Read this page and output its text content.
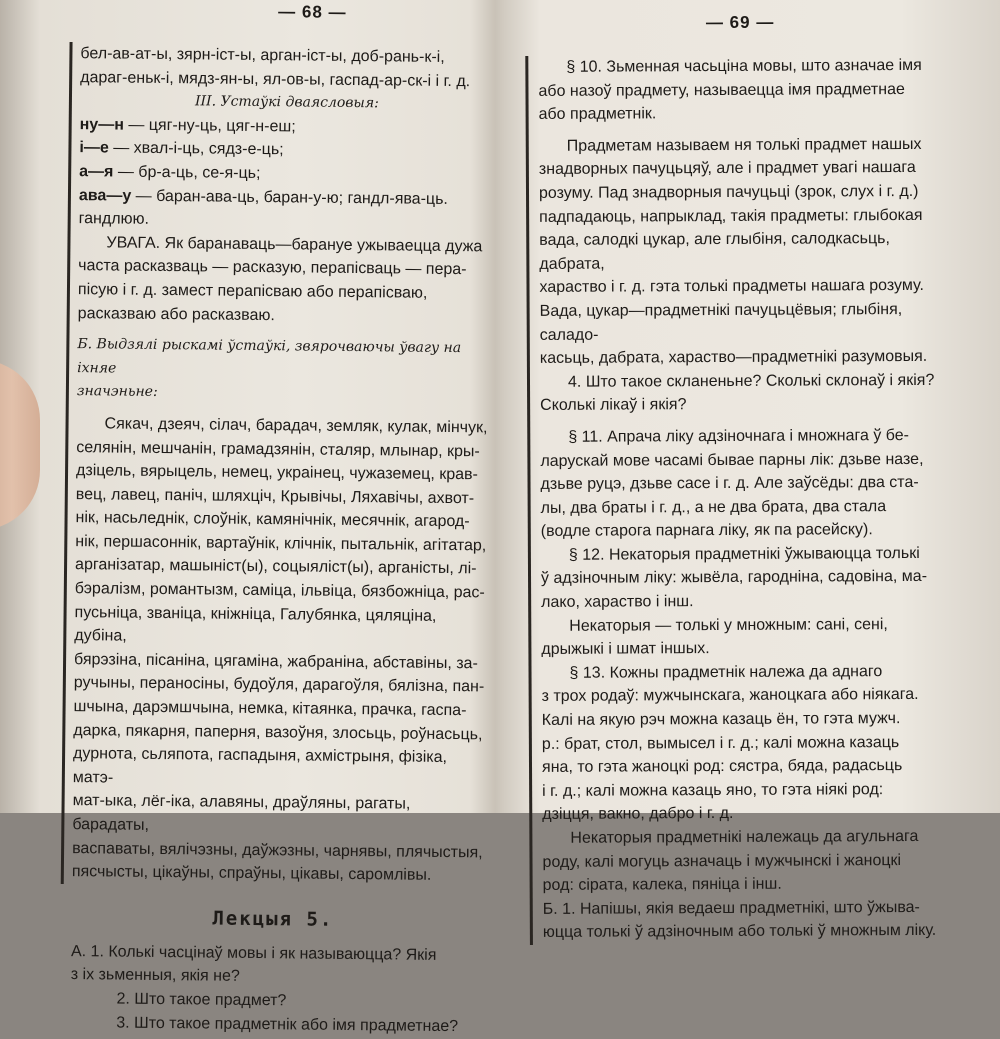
— 68 —

бел-ав-ат-ы, зярн-іст-ы, арган-іст-ы, доб-рань-к-і,

дараг-еньк-і, мядз-ян-ы, ял-ов-ы, гаспад-ар-ск-і і г. д.

III. Устаўкі дваясловыя:

ну—н — цяг-ну-ць, цяг-н-еш;

і—е — хвал-і-ць, сядз-е-ць;

а—я — бр-а-ць, се-я-ць;

ава—у — баран-ава-ць, баран-у-ю; гандл-ява-ць.

гандлюю.

УВАГА. Як баранаваць—барануе ужываецца дужа

часта расказваць — расказую, перапісваць — пера-

пісую і г. д. замест перапісваю або перапісваю,

расказваю або расказваю.

Б. Выдзялі рыскамі ўстаўкі, звярочваючы ўвагу на іхняе

значэньне:

Сякач, дзеяч, сілач, барадач, земляк, кулак, мінчук,

селянін, мешчанін, грамадзянін, сталяр, млынар, кры-

дзіцель, вярыцель, немец, украінец, чужаземец, крав-

вец, лавец, паніч, шляхціч, Крывічы, Ляхавічы, ахвот-

нік, насьледнік, слоўнік, камянічнік, месячнік, агарод-

нік, першасоннік, вартаўнік, клічнік, пытальнік, агітатар,

арганізатар, машыніст(ы), соцыяліст(ы), арганісты, лі-

бэралізм, романтызм, саміца, ільвіца, бязбожніца, рас-

пусьніца, званіца, кніжніца, Галубянка, цяляціна, дубіна,

бярэзіна, пісаніна, цягаміна, жабраніна, абставіны, за-

ручыны, пераносіны, будоўля, дарагоўля, бялізна, пан-

шчына, дарэмшчына, немка, кітаянка, прачка, гаспа-

дарка, пякарня, паперня, вазоўня, злосьць, роўнасьць,

дурнота, сьляпота, гаспадыня, ахмістрыня, фізіка, матэ-

мат-ыка, лёг-іка, алавяны, драўляны, рагаты, барадаты,

васпаваты, вялічэзны, даўжэзны, чарнявы, плячыстыя,

пясчысты, цікаўны, спраўны, цікавы, саромлівы.

Лекцыя 5.

А. 1. Колькі часцінаў мовы і як называюцца? Якія

з іх зьменныя, якія не?

2. Што такое прадмет?

3. Што такое прадметнік або імя прадметнае?

— 69 —

§ 10. Зьменная часьціна мовы, што азначае імя

або назоў прадмету, называецца імя прадметнае

або прадметнік.

Прадметам называем ня толькі прадмет нашых

знадворных пачуцьцяў, але і прадмет увагі нашага

розуму. Пад знадворныя пачуцьці (зрок, слух і г. д.)

падпадаюць, напрыклад, такія прадметы: глыбокая

вада, салодкі цукар, але глыбіня, салодкасьць, дабрата,

харaство і г. д. гэта толькі прадметы нашага розуму.

Вада, цукар—прадметнікі пачуцьцёвыя; глыбіня, саладо-

касьць, дабрата, харaство—прадметнікі разумовыя.

4. Што такое скланеньне? Сколькі склонаў і якія?

Сколькі лікаў і якія?

§ 11. Апрача ліку адзіночнага і множнага ў бе-

ларускай мове часамі бывае парны лік: дзьве назе,

дзьве руцэ, дзьве сасе і г. д. Але заўсёды: два ста-

лы, два браты і г. д., а не два брата, два стала

(водле старога парнага ліку, як па расейску).

§ 12. Некаторыя прадметнікі ўжываюцца толькі

ў адзіночным ліку: жывёла, гародніна, садовіна, ма-

лако, харaство і інш.

Некаторыя — толькі у множным: сані, сені,

дрыжыкі і шмат іншых.

§ 13. Кожны прадметнік належа да аднаго

з трох родаў: мужчынскага, жаноцкага або ніякага.

Калі на якую рэч можна казаць ён, то гэта мужч.

р.: брат, стол, вымысел і г. д.; калі можна казаць

яна, то гэта жаноцкі род: сястра, бяда, радасьць

і г. д.; калі можна казаць яно, то гэта ніякі род:

дзіцця, вакно, дабро і г. д.

Некаторыя прадметнікі належаць да агульнага

роду, калі могуць азначаць і мужчынскі і жаноцкі

род: сірата, калека, пяніца і інш.

Б. 1. Напішы, якія ведаеш прадметнікі, што ўжыва-

юцца толькі ў адзіночным або толькі ў множным ліку.
